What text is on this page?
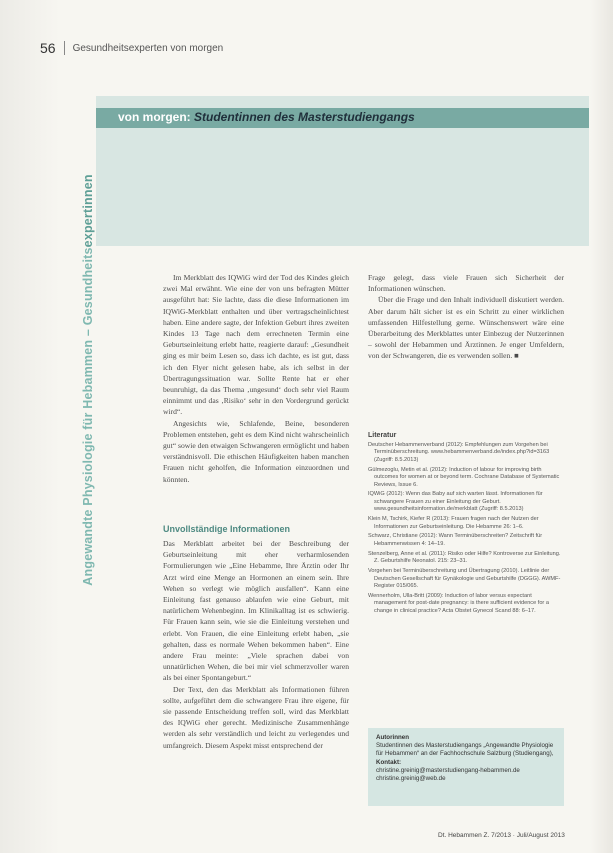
56 Gesundheitsexperten von morgen
von morgen: Studentinnen des Masterstudiengangs
Angewandte Physiologie für Hebammen – Gesundheitsexpertinnen

Im Merkblatt des IQWiG wird der Tod des Kindes gleich zwei Mal erwähnt. Wie eine der von uns befragten Mütter ausgeführt hat: Sie lachte, dass die diese Informationen im IQWiG-Merkblatt enthalten und über vertragscheinlichtest haben. Eine andere sagte, der Infektion Geburt ihres zweiten Kindes 13 Tage nach dem errechneten Termin eine Geburtseinleitung erlebt hatte, reagierte darauf: „Gesundheit ging es mir beim Lesen so, dass ich dachte, es ist gut, dass ich den Flyer nicht gelesen habe, als ich selbst in der Übertragungssituation war. Sollte Rente hat er eher beunruhigt, da das Thema ‚ungesund‘ doch sehr viel Raum einnimmt und das ‚Risiko‘ sehr in den Vordergrund gerückt wird“.

Angesichts wie, Schlafende, Beine, besonderen Problemen entstehen, geht es dem Kind nicht wahrscheinlich gut“ sowie den etwaigen Schwangeren ermöglicht und haben verständnisvoll. Die ethischen Häufigkeiten haben manchen Frauen nicht geholfen, die Information einzuordnen und könnten.

Unvollständige Informationen

Das Merkblatt arbeitet bei der Beschreibung der Geburtseinleitung mit eher verharmlosenden Formulierungen wie „Eine Hebamme, Ihre Ärztin oder Ihr Arzt wird eine Menge an Hormonen an einem sein. Ihre Wehen so verlegt wie möglich ausfallen“. Kann eine Einleitung fast genauso ablaufen wie eine Geburt, mit natürlichem Wehenbeginn. Im Klinikalltag ist es schwierig. Für Frauen kann sein, wie sie die Einleitung verstehen und erlebt. Von Frauen, die eine Einleitung erlebt haben, „sie gehalten, dass es normale Wehen bekommen haben“. Eine andere Frau meinte: „Viele sprachen dabei von unnatürlichen Wehen, die bei mir viel schmerzvoller waren als bei einer Spontangeburt.“

Der Text, den das Merkblatt als Informationen führen sollte, aufgeführt dem die schwangere Frau ihre eigene, für sie passende Entscheidung treffen soll, wird das Merkblatt des IQWiG eher gerecht. Medizinische Zusammenhänge werden als sehr verständlich und leicht zu verlegendes und umfangreich. Diesem Aspekt misst entsprechend der

Frage gelegt, dass viele Frauen sich Sicherheit der Informationen wünschen.

Über die Frage und den Inhalt individuell diskutiert werden. Aber darum hält sicher ist es ein Schritt zu einer wirklichen umfassenden Hilfestellung gerne. Wünschenswert wäre eine Überarbeitung des Merkblattes unter Einbezug der Nutzerinnen – sowohl der Hebammen und Ärztinnen. Je enger Umfeldern, von der Schwangeren, die es verwenden sollen. ■

Literatur
Deutscher Hebammenverband (2012): Empfehlungen zum Vorgehen bei Terminüberschreitung. www.hebammenverband.de/index.php?id=3163 (Zugriff: 8.5.2013)
Gülmezoglu, Metin et al. (2012): Induction of labour for improving birth outcomes for women at or beyond term. Cochrane Database of Systematic Reviews, Issue 6.
IQWiG (2012): Wenn das Baby auf sich warten lässt. Informationen für schwangere Frauen zu einer Einleitung der Geburt. www.gesundheitsinformation.de/merkblatt (Zugriff: 8.5.2013)
Klein M, Tschirk, Kiefer R (2013): Frauen fragen nach der Nutzen der Informationen zur Geburtseinleitung. Die Hebamme 26: 1–6.
Schwarz, Christiane (2012): Wann Terminüberschreiten? Zeitschrift für Hebammenwissen 4: 14–19.
Stenzelberg, Anne et al. (2011): Risiko oder Hilfe? Kontroverse zur Einleitung. Z. Geburtshilfe Neonatol. 215: 23–31.
Vorgehen bei Terminüberschreitung und Übertragung (2010). Leitlinie der Deutschen Gesellschaft für Gynäkologie und Geburtshilfe (DGGG). AWMF-Register 015/065.
Wennerholm, Ulla-Britt (2009): Induction of labor versus expectant management for post-date pregnancy: is there sufficient evidence for a change in clinical practice? Acta Obstet Gynecol Scand 88: 6–17.
Autorinnen
Studentinnen des Masterstudiengangs „Angewandte Physiologie für Hebammen“ an der Fachhochschule Salzburg (Studiengang),
Kontakt:
christine.greinig@masterstudiengang-hebammen.de
christine.greinig@web.de
Dt. Hebammen Z. 7/2013 · Juli/August 2013
